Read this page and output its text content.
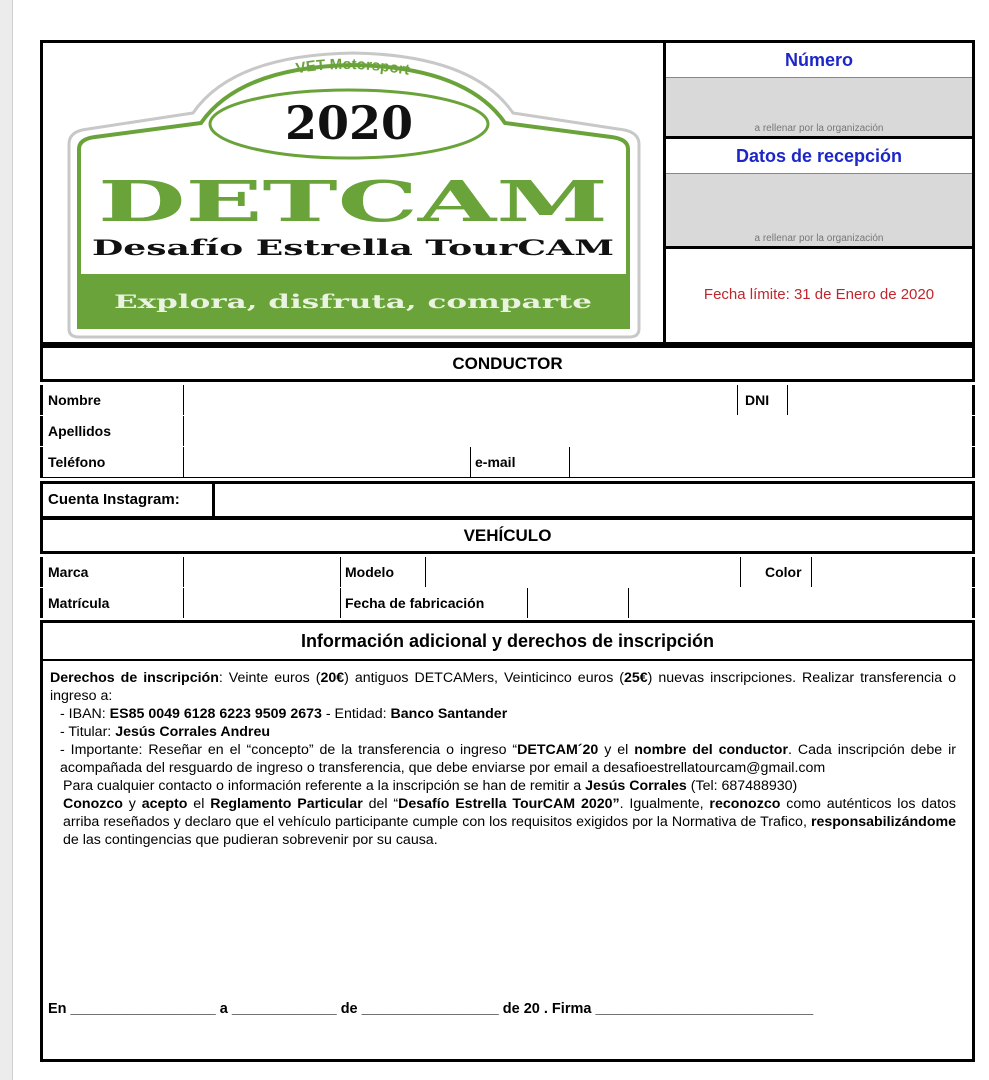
VET Motorsport
2020
DETCAM
Desafío Estrella TourCAM
Explora, disfruta, comparte
Número
a rellenar por la organización
Datos de recepción
a rellenar por la organización
Fecha límite: 31 de Enero de 2020
CONDUCTOR
Nombre	DNI
Apellidos
Teléfono	e-mail
Cuenta Instagram:
VEHÍCULO
Marca	Modelo	Color
Matrícula	Fecha de fabricación
Información adicional y derechos de inscripción

Derechos de inscripción: Veinte euros (20€) antiguos DETCAMers, Veinticinco euros (25€) nuevas inscripciones. Realizar transferencia o ingreso a:

- IBAN: ES85 0049 6128 6223 9509 2673 - Entidad: Banco Santander

- Titular: Jesús Corrales Andreu

- Importante: Reseñar en el “concepto” de la transferencia o ingreso “DETCAM´20 y el nombre del conductor. Cada inscripción debe ir acompañada del resguardo de ingreso o transferencia, que debe enviarse por email a desafioestrellatourcam@gmail.com

Para cualquier contacto o información referente a la inscripción se han de remitir a Jesús Corrales (Tel: 687488930)

Conozco y acepto el Reglamento Particular del “Desafío Estrella TourCAM 2020”. Igualmente, reconozco como auténticos los datos arriba reseñados y declaro que el vehículo participante cumple con los requisitos exigidos por la Normativa de Trafico, responsabilizándome de las contingencias que pudieran sobrevenir por su causa.

En __________________ a _____________ de _________________ de 20 . Firma ___________________________
